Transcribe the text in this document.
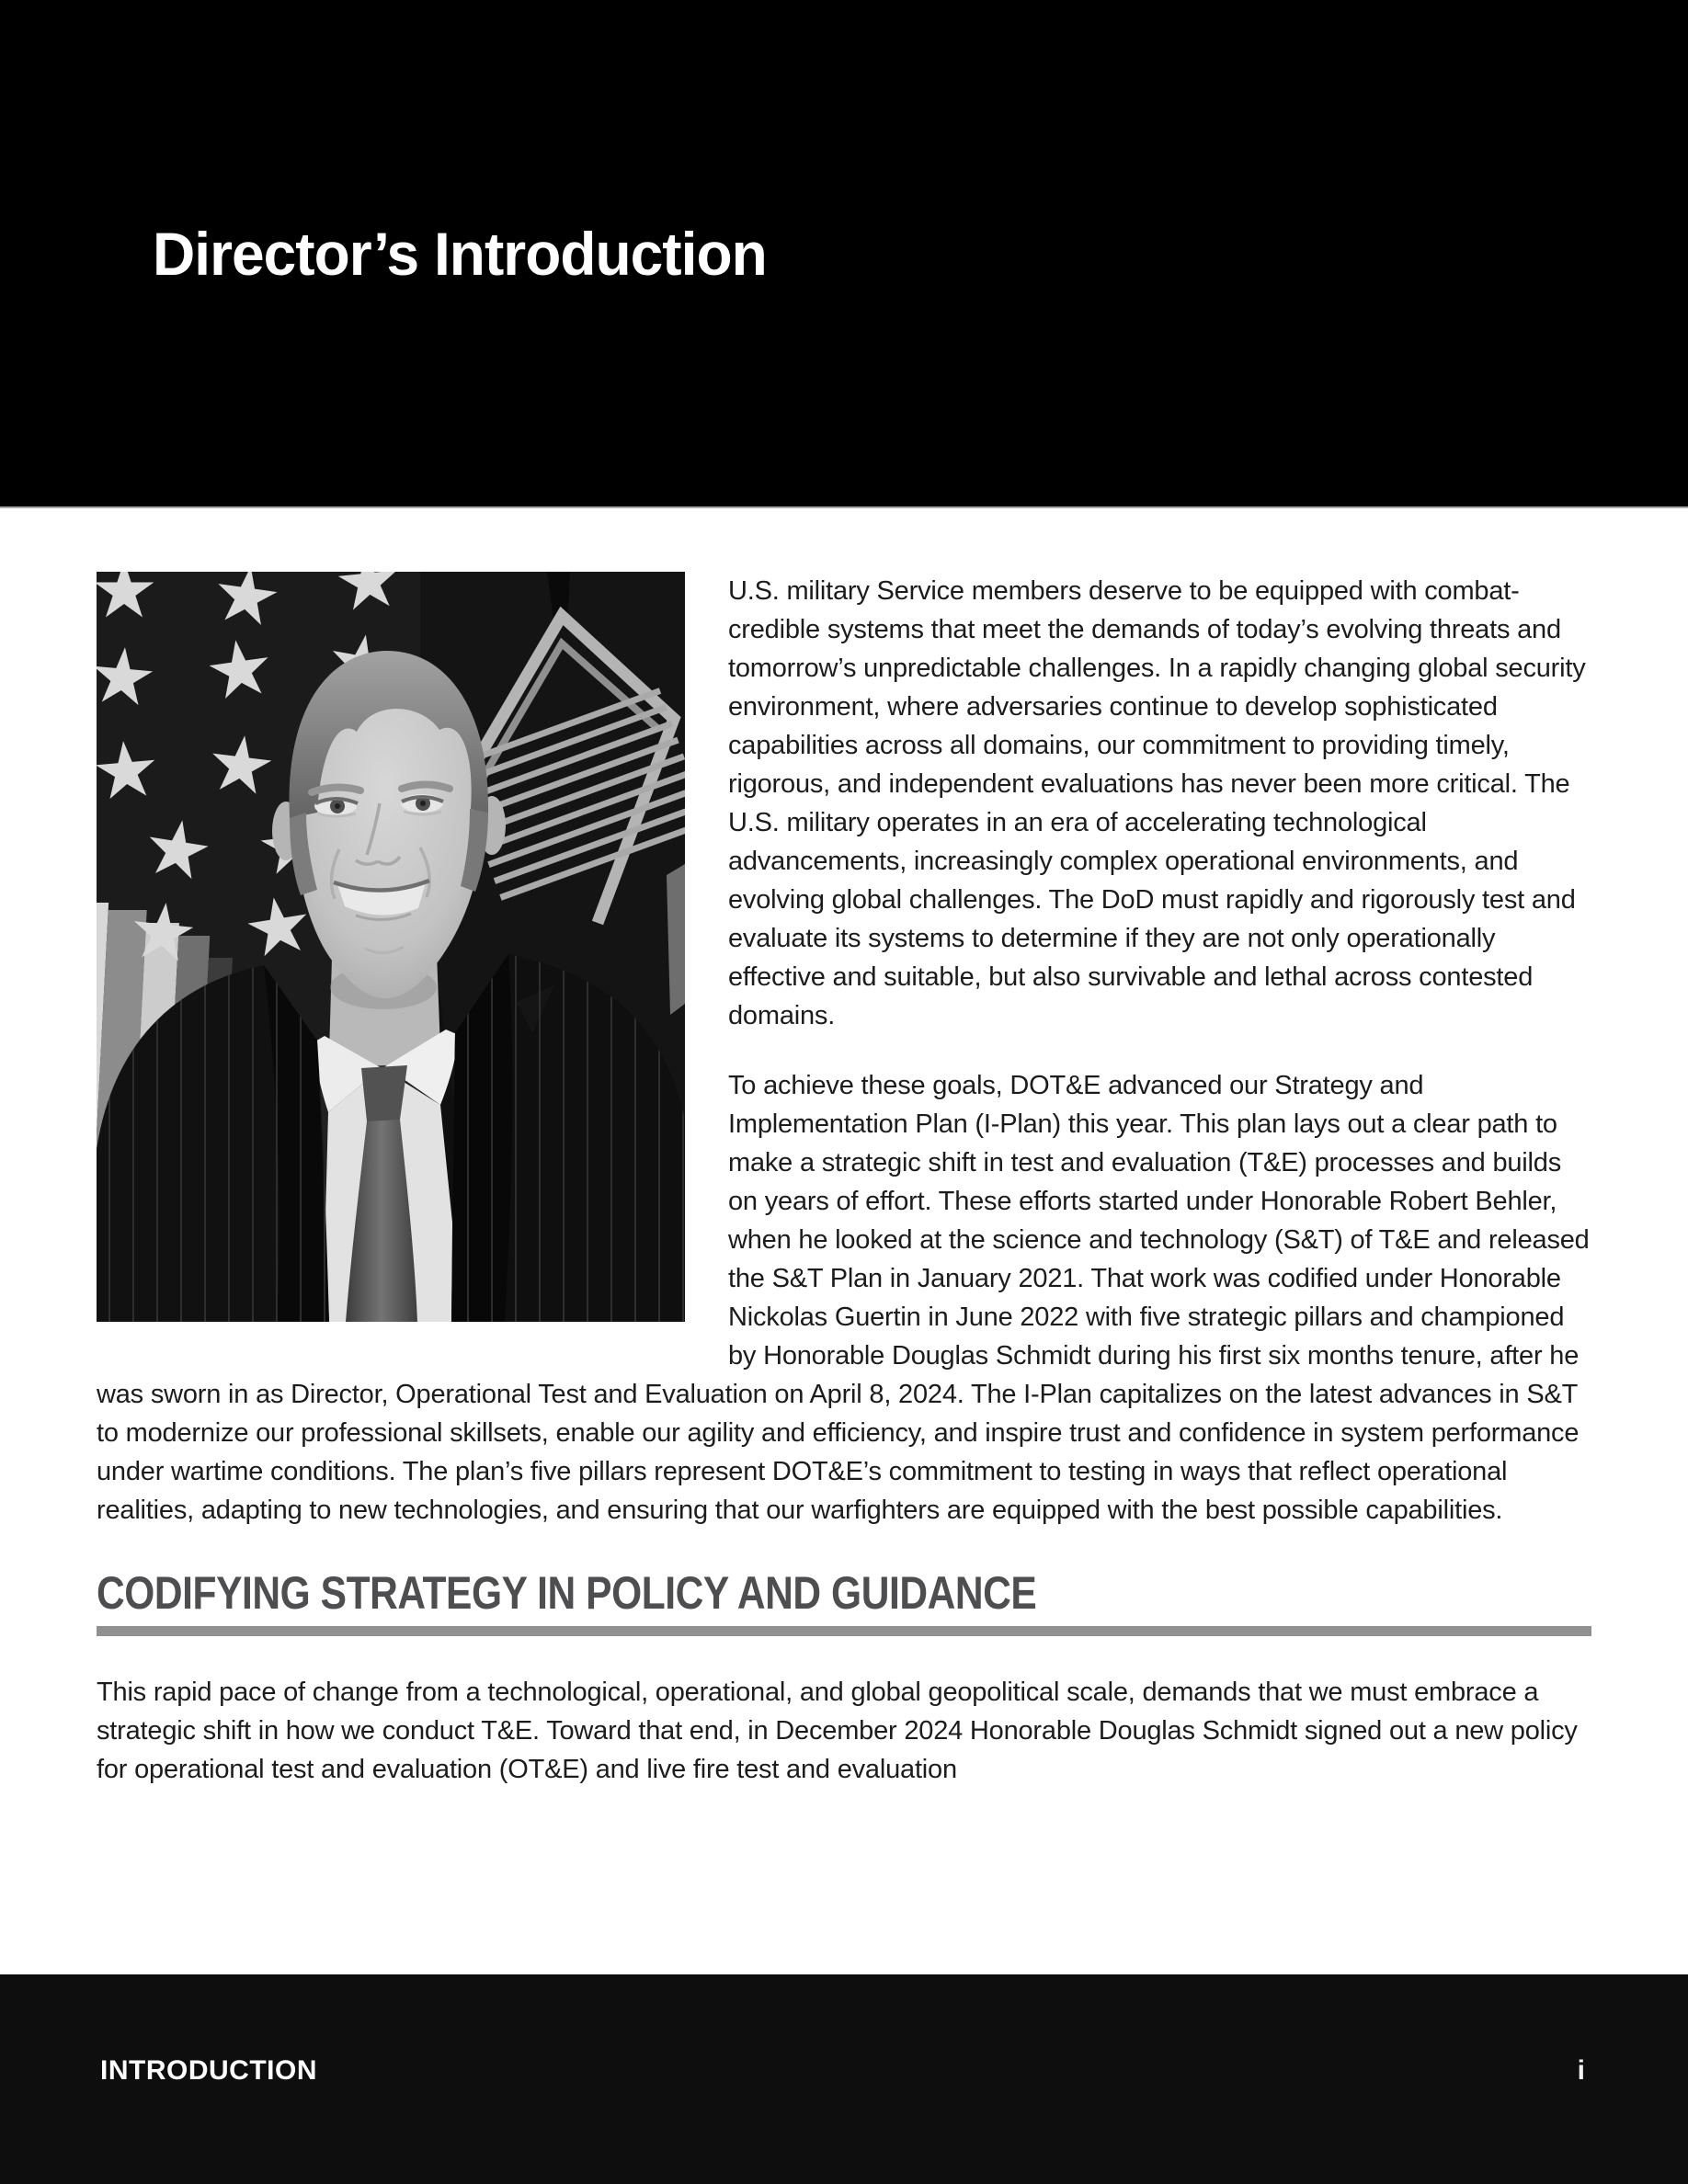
Director’s Introduction

U.S. military Service members deserve to be equipped with combat-credible systems that meet the demands of today’s evolving threats and tomorrow’s unpredictable challenges. In a rapidly changing global security environment, where adversaries continue to develop sophisticated capabilities across all domains, our commitment to providing timely, rigorous, and independent evaluations has never been more critical. The U.S. military operates in an era of accelerating technological advancements, increasingly complex operational environments, and evolving global challenges. The DoD must rapidly and rigorously test and evaluate its systems to determine if they are not only operationally effective and suitable, but also survivable and lethal across contested domains.

To achieve these goals, DOT&E advanced our Strategy and Implementation Plan (I-Plan) this year. This plan lays out a clear path to make a strategic shift in test and evaluation (T&E) processes and builds on years of effort. These efforts started under Honorable Robert Behler, when he looked at the science and technology (S&T) of T&E and released the S&T Plan in January 2021. That work was codified under Honorable Nickolas Guertin in June 2022 with five strategic pillars and championed by Honorable Douglas Schmidt during his first six months tenure, after he was sworn in as Director, Operational Test and Evaluation on April 8, 2024. The I-Plan capitalizes on the latest advances in S&T to modernize our professional skillsets, enable our agility and efficiency, and inspire trust and confidence in system performance under wartime conditions. The plan’s five pillars represent DOT&E’s commitment to testing in ways that reflect operational realities, adapting to new technologies, and ensuring that our warfighters are equipped with the best possible capabilities.

CODIFYING STRATEGY IN POLICY AND GUIDANCE

This rapid pace of change from a technological, operational, and global geopolitical scale, demands that we must embrace a strategic shift in how we conduct T&E. Toward that end, in December 2024 Honorable Douglas Schmidt signed out a new policy for operational test and evaluation (OT&E) and live fire test and evaluation

INTRODUCTION	i
